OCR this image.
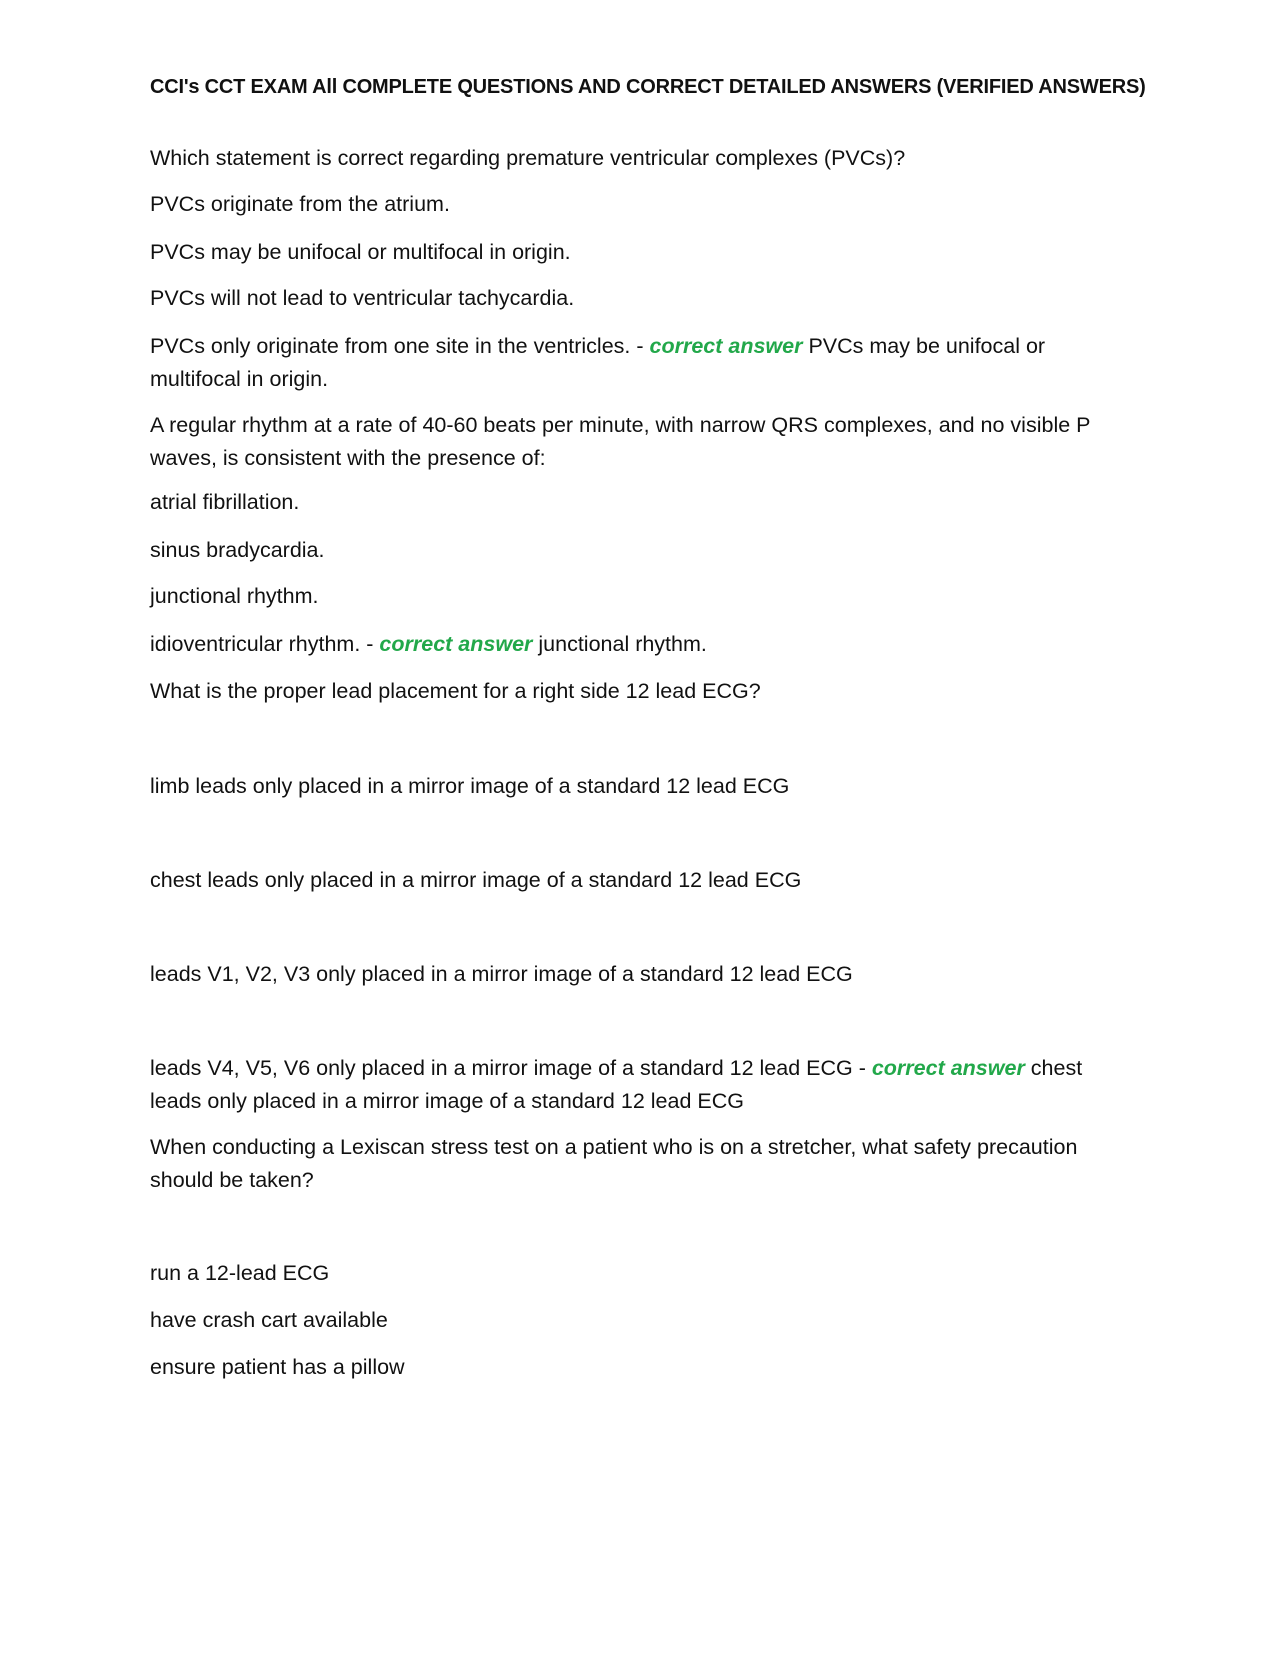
CCI's CCT EXAM All COMPLETE QUESTIONS AND CORRECT DETAILED ANSWERS (VERIFIED ANSWERS)
Which statement is correct regarding premature ventricular complexes (PVCs)?
PVCs originate from the atrium.
PVCs may be unifocal or multifocal in origin.
PVCs will not lead to ventricular tachycardia.
PVCs only originate from one site in the ventricles. - correct answer PVCs may be unifocal or multifocal in origin.
A regular rhythm at a rate of 40-60 beats per minute, with narrow QRS complexes, and no visible P waves, is consistent with the presence of:
atrial fibrillation.
sinus bradycardia.
junctional rhythm.
idioventricular rhythm. - correct answer junctional rhythm.
What is the proper lead placement for a right side 12 lead ECG?
limb leads only placed in a mirror image of a standard 12 lead ECG
chest leads only placed in a mirror image of a standard 12 lead ECG
leads V1, V2, V3 only placed in a mirror image of a standard 12 lead ECG
leads V4, V5, V6 only placed in a mirror image of a standard 12 lead ECG - correct answer chest leads only placed in a mirror image of a standard 12 lead ECG
When conducting a Lexiscan stress test on a patient who is on a stretcher, what safety precaution should be taken?
run a 12-lead ECG
have crash cart available
ensure patient has a pillow
